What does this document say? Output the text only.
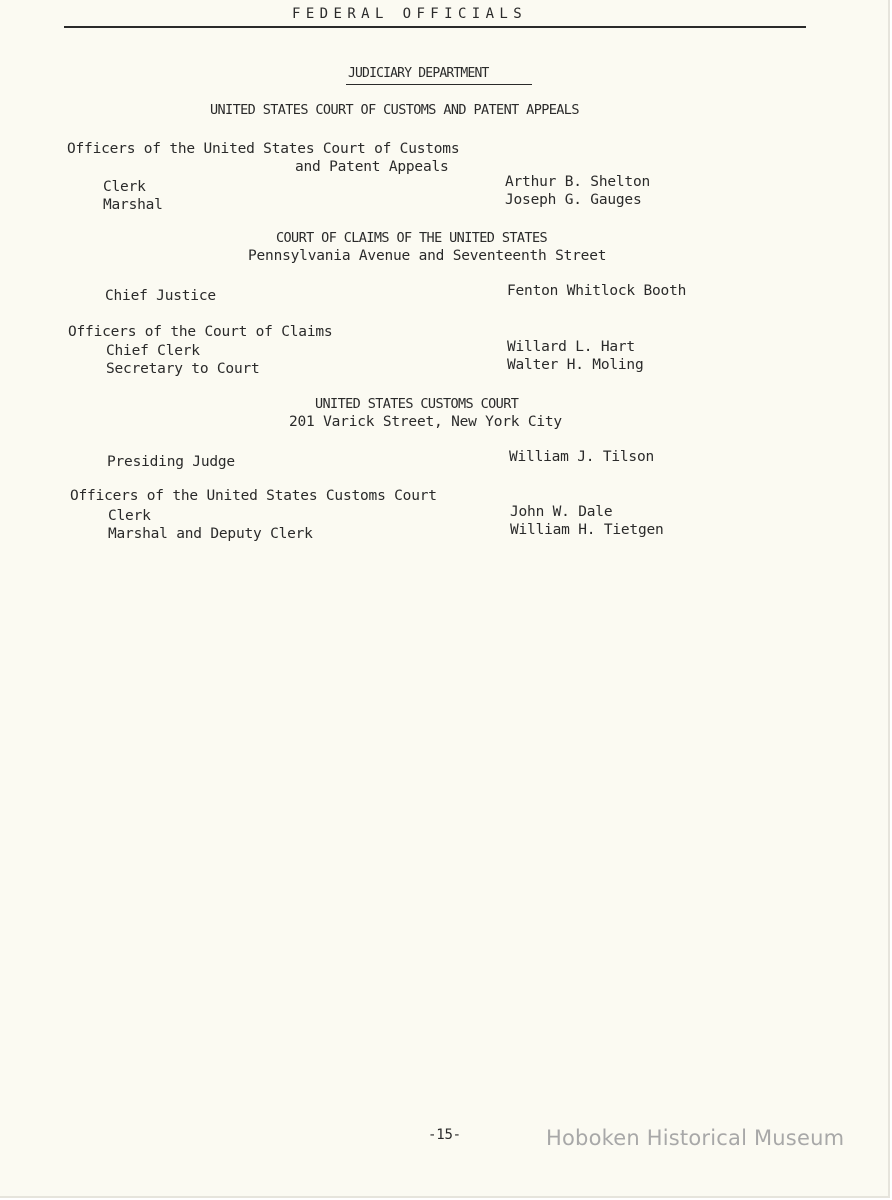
FEDERAL OFFICIALS
JUDICIARY DEPARTMENT
UNITED STATES COURT OF CUSTOMS AND PATENT APPEALS
Officers of the United States Court of Customs
and Patent Appeals
Clerk	Arthur B. Shelton
Marshal	Joseph G. Gauges
COURT OF CLAIMS OF THE UNITED STATES
Pennsylvania Avenue and Seventeenth Street
Chief Justice	Fenton Whitlock Booth
Officers of the Court of Claims
Chief Clerk	Willard L. Hart
Secretary to Court	Walter H. Moling
UNITED STATES CUSTOMS COURT
201 Varick Street, New York City
Presiding Judge	William J. Tilson
Officers of the United States Customs Court
Clerk	John W. Dale
Marshal and Deputy Clerk	William H. Tietgen
-15-	Hoboken Historical Museum
